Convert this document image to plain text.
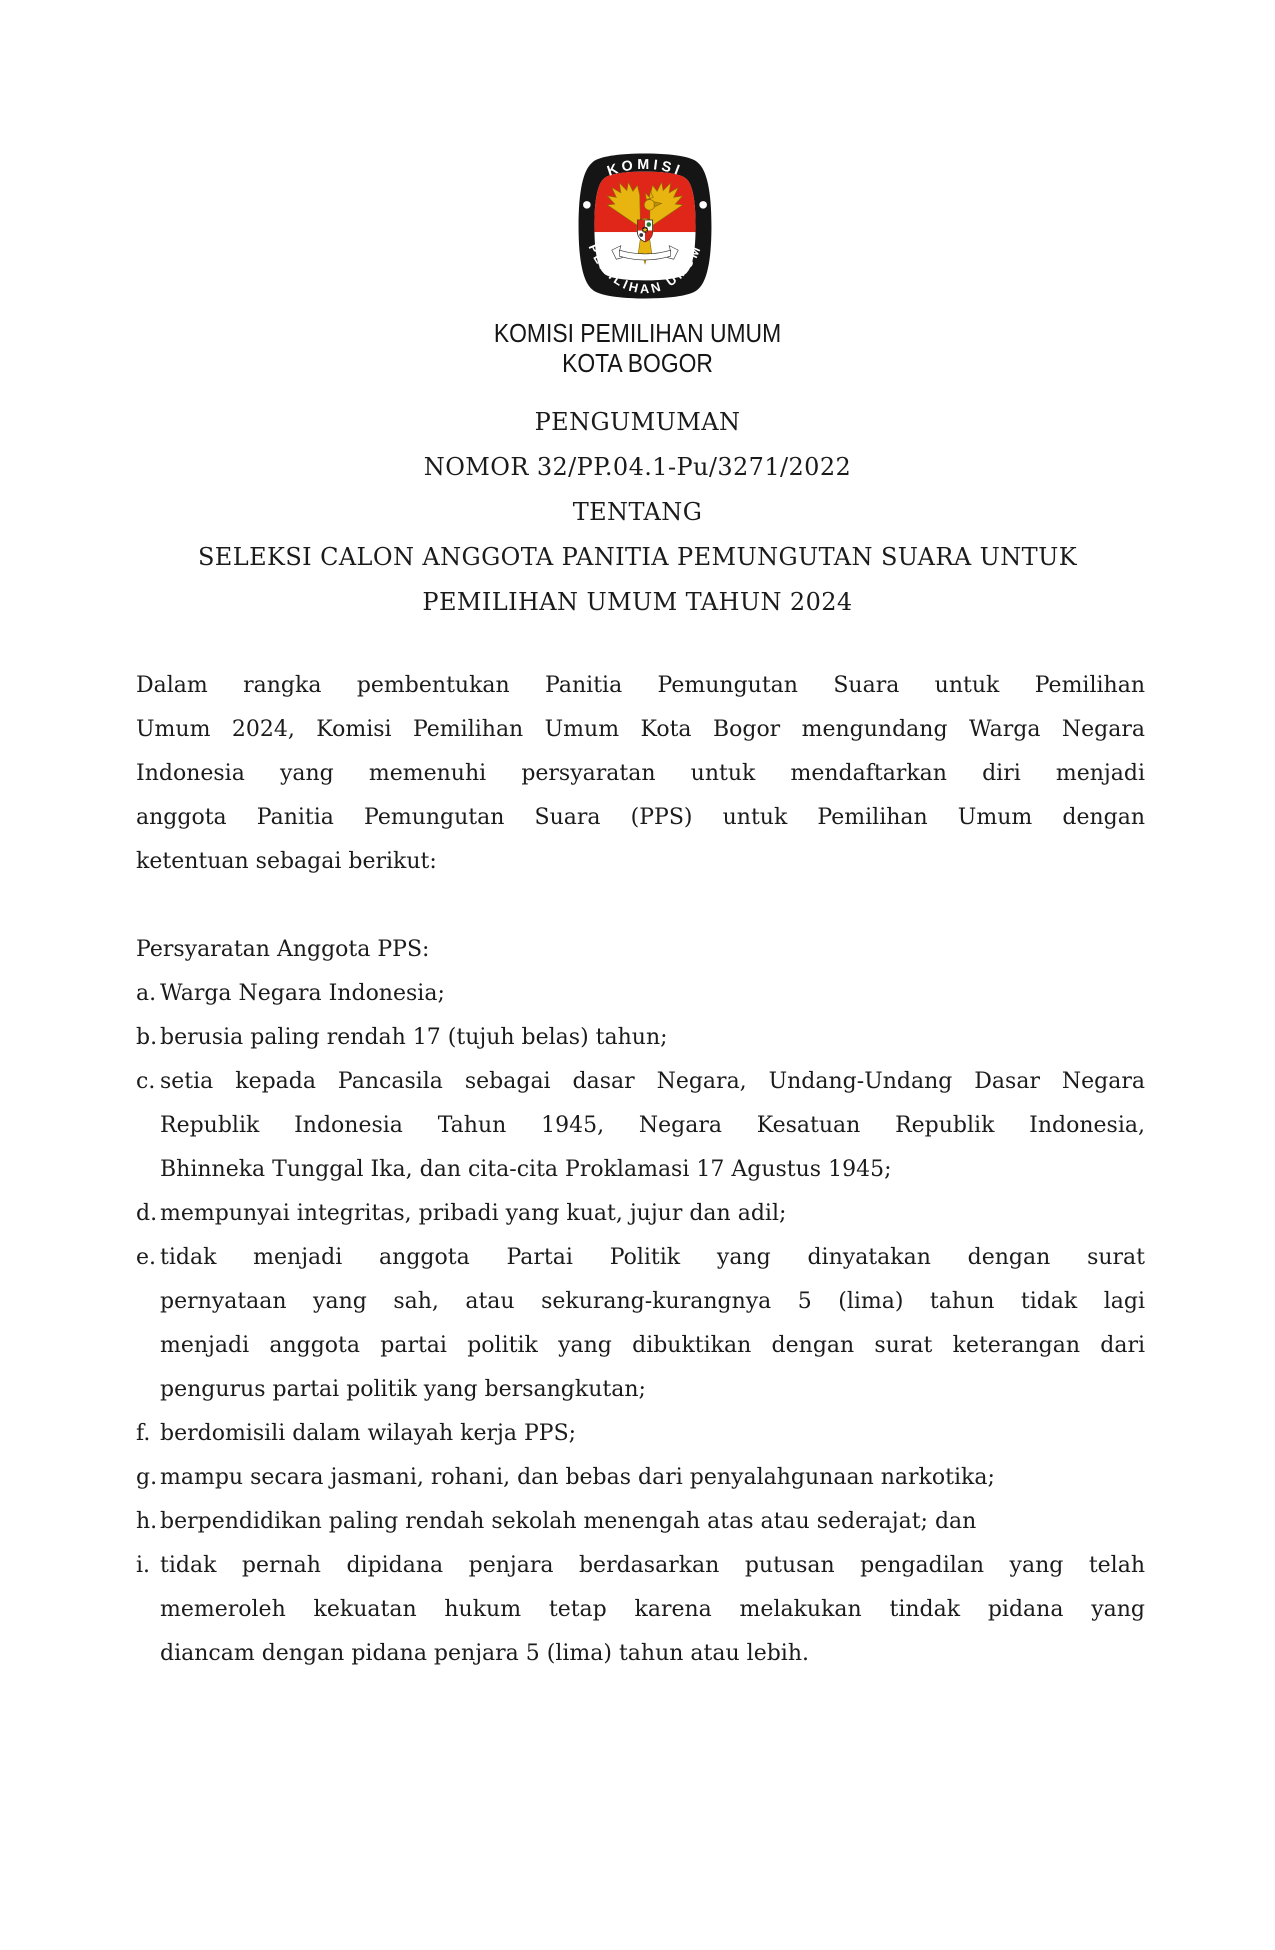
KOMISI
PEMILIHAN UMUM
KOMISI PEMILIHAN UMUM
KOTA BOGOR
PENGUMUMAN
NOMOR 32/PP.04.1-Pu/3271/2022
TENTANG
SELEKSI CALON ANGGOTA PANITIA PEMUNGUTAN SUARA UNTUK
PEMILIHAN UMUM TAHUN 2024
Dalam rangka pembentukan Panitia Pemungutan Suara untuk Pemilihan
Umum 2024, Komisi Pemilihan Umum Kota Bogor mengundang Warga Negara
Indonesia yang memenuhi persyaratan untuk mendaftarkan diri menjadi
anggota Panitia Pemungutan Suara (PPS) untuk Pemilihan Umum dengan
ketentuan sebagai berikut:
Persyaratan Anggota PPS:
a. Warga Negara Indonesia;
b. berusia paling rendah 17 (tujuh belas) tahun;
c. setia kepada Pancasila sebagai dasar Negara, Undang-Undang Dasar Negara
Republik Indonesia Tahun 1945, Negara Kesatuan Republik Indonesia,
Bhinneka Tunggal Ika, dan cita-cita Proklamasi 17 Agustus 1945;
d. mempunyai integritas, pribadi yang kuat, jujur dan adil;
e. tidak menjadi anggota Partai Politik yang dinyatakan dengan surat
pernyataan yang sah, atau sekurang-kurangnya 5 (lima) tahun tidak lagi
menjadi anggota partai politik yang dibuktikan dengan surat keterangan dari
pengurus partai politik yang bersangkutan;
f. berdomisili dalam wilayah kerja PPS;
g. mampu secara jasmani, rohani, dan bebas dari penyalahgunaan narkotika;
h. berpendidikan paling rendah sekolah menengah atas atau sederajat; dan
i. tidak pernah dipidana penjara berdasarkan putusan pengadilan yang telah
memeroleh kekuatan hukum tetap karena melakukan tindak pidana yang
diancam dengan pidana penjara 5 (lima) tahun atau lebih.
